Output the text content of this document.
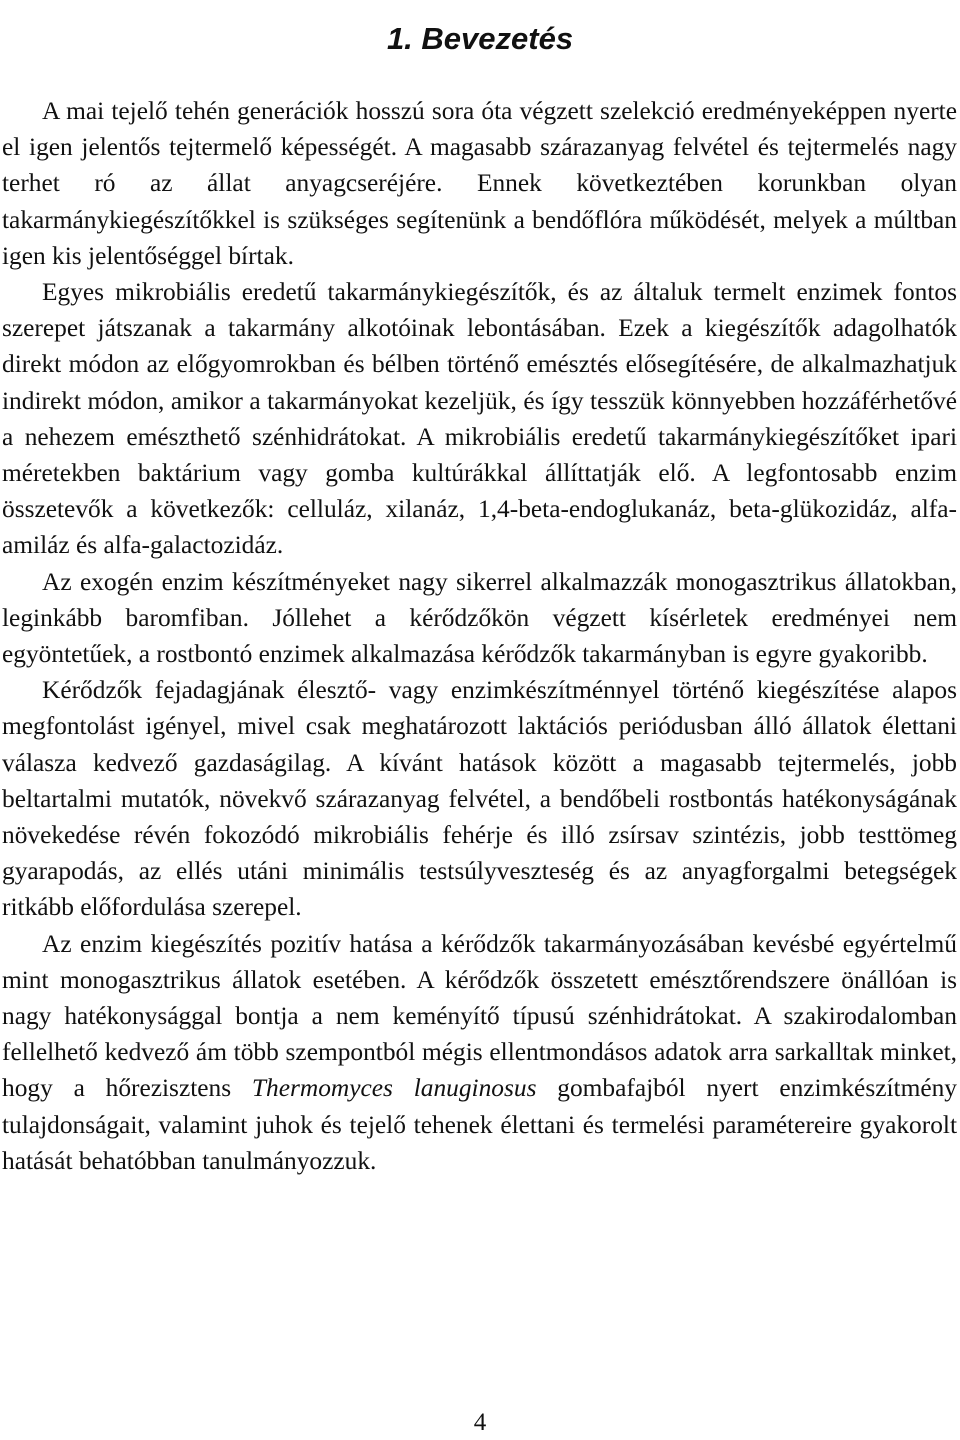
1. Bevezetés

A mai tejelő tehén generációk hosszú sora óta végzett szelekció eredményeképpen nyerte el igen jelentős tejtermelő képességét. A magasabb szárazanyag felvétel és tejtermelés nagy terhet ró az állat anyagcseréjére. Ennek következtében korunkban olyan takarmánykiegészítőkkel is szükséges segítenünk a bendőflóra működését, melyek a múltban igen kis jelentőséggel bírtak.

Egyes mikrobiális eredetű takarmánykiegészítők, és az általuk termelt enzimek fontos szerepet játszanak a takarmány alkotóinak lebontásában. Ezek a kiegészítők adagolhatók direkt módon az előgyomrokban és bélben történő emésztés elősegítésére, de alkalmazhatjuk indirekt módon, amikor a takarmányokat kezeljük, és így tesszük könnyebben hozzáférhetővé a nehezem emészthető szénhidrátokat. A mikrobiális eredetű takarmánykiegészítőket ipari méretekben baktárium vagy gomba kultúrákkal állíttatják elő. A legfontosabb enzim összetevők a következők: celluláz, xilanáz, 1,4-beta-endoglukanáz, beta-glükozidáz, alfa-amiláz és alfa-galactozidáz.

Az exogén enzim készítményeket nagy sikerrel alkalmazzák monogasztrikus állatokban, leginkább baromfiban. Jóllehet a kérődzőkön végzett kísérletek eredményei nem egyöntetűek, a rostbontó enzimek alkalmazása kérődzők takarmányban is egyre gyakoribb.

Kérődzők fejadagjának élesztő- vagy enzimkészítménnyel történő kiegészítése alapos megfontolást igényel, mivel csak meghatározott laktációs periódusban álló állatok élettani válasza kedvező gazdaságilag. A kívánt hatások között a magasabb tejtermelés, jobb beltartalmi mutatók, növekvő szárazanyag felvétel, a bendőbeli rostbontás hatékonyságának növekedése révén fokozódó mikrobiális fehérje és illó zsírsav szintézis, jobb testtömeg gyarapodás, az ellés utáni minimális testsúlyveszteség és az anyagforgalmi betegségek ritkább előfordulása szerepel.

Az enzim kiegészítés pozitív hatása a kérődzők takarmányozásában kevésbé egyértelmű mint monogasztrikus állatok esetében. A kérődzők összetett emésztőrendszere önállóan is nagy hatékonysággal bontja a nem keményítő típusú szénhidrátokat. A szakirodalomban fellelhető kedvező ám több szempontból mégis ellentmondásos adatok arra sarkalltak minket, hogy a hőrezisztens Thermomyces lanuginosus gombafajból nyert enzimkészítmény tulajdonságait, valamint juhok és tejelő tehenek élettani és termelési paramétereire gyakorolt hatását behatóbban tanulmányozzuk.

4
